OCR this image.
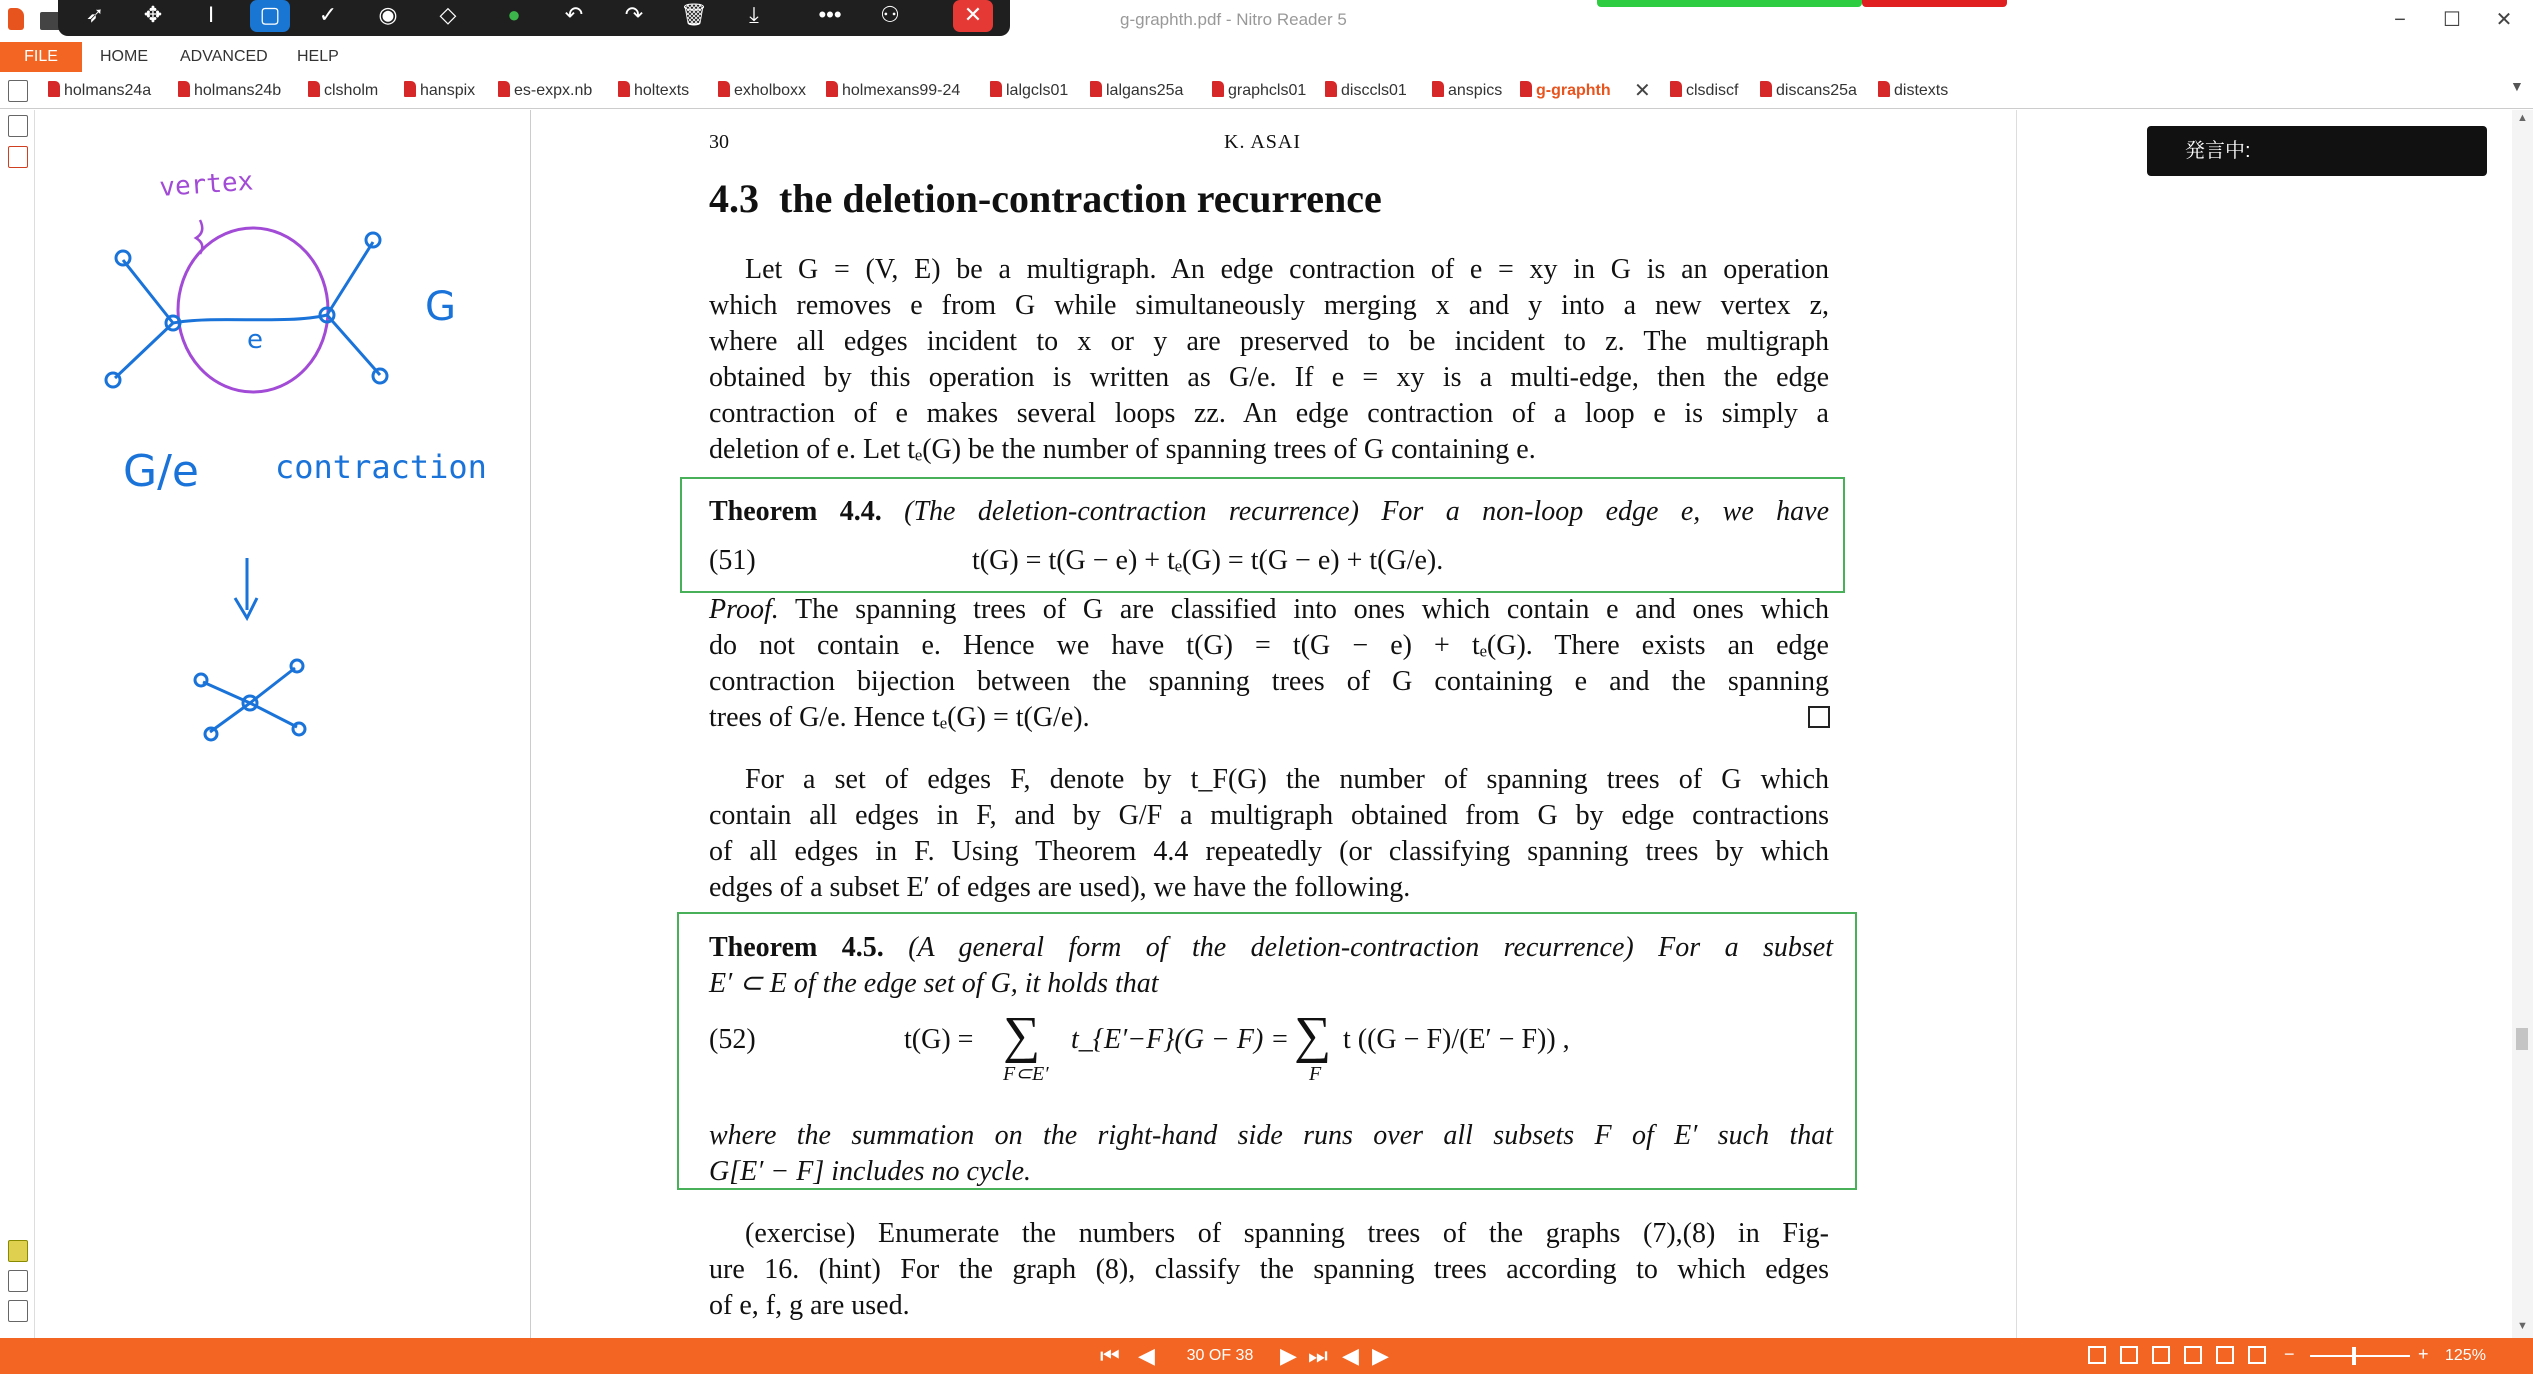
g-graphth.pdf - Nitro Reader 5	−	☐	✕
➶	✥	I	▢	✓	◉	◇	●	↶	↷	🗑	⤓	•••	⚇	✕
FILE	HOME ADVANCED HELP
holmans24a	holmans24b	clsholm	hanspix	es-expx.nb	holtexts	exholboxx	holmexans99-24	lalgcls01	lalgans25a	graphcls01	disccls01	anspics	g-graphth ✕	clsdiscf	discans25a	distexts	▼
vertex
e
G
G/e contraction
30	K. ASAI
4.3 the deletion-contraction recurrence
Let G = (V, E) be a multigraph. An edge contraction of e = xy in G is an operation
which removes e from G while simultaneously merging x and y into a new vertex z,
where all edges incident to x or y are preserved to be incident to z. The multigraph
obtained by this operation is written as G/e. If e = xy is a multi-edge, then the edge
contraction of e makes several loops zz. An edge contraction of a loop e is simply a
deletion of e. Let tₑ(G) be the number of spanning trees of G containing e.
Theorem 4.4. (The deletion-contraction recurrence) For a non-loop edge e, we have
(51)	t(G) = t(G − e) + tₑ(G) = t(G − e) + t(G/e).
Proof. The spanning trees of G are classified into ones which contain e and ones which
do not contain e. Hence we have t(G) = t(G − e) + tₑ(G). There exists an edge
contraction bijection between the spanning trees of G containing e and the spanning
trees of G/e. Hence tₑ(G) = t(G/e).
For a set of edges F, denote by t_F(G) the number of spanning trees of G which
contain all edges in F, and by G/F a multigraph obtained from G by edge contractions
of all edges in F. Using Theorem 4.4 repeatedly (or classifying spanning trees by which
edges of a subset E′ of edges are used), we have the following.
Theorem 4.5. (A general form of the deletion-contraction recurrence) For a subset
E′ ⊂ E of the edge set of G, it holds that
(52)	t(G) = ∑
F⊂E′
t_{E′−F}(G − F) = ∑
F
t ((G − F)/(E′ − F)) ,
where the summation on the right-hand side runs over all subsets F of E′ such that
G[E′ − F] includes no cycle.
(exercise) Enumerate the numbers of spanning trees of the graphs (7),(8) in Fig-
ure 16. (hint) For the graph (8), classify the spanning trees according to which edges
of e, f, g are used.
発言中:
▲
▼
⏮ ◀	30 OF 38	▶ ⏭ ◀ ▶	−	+ 125%
